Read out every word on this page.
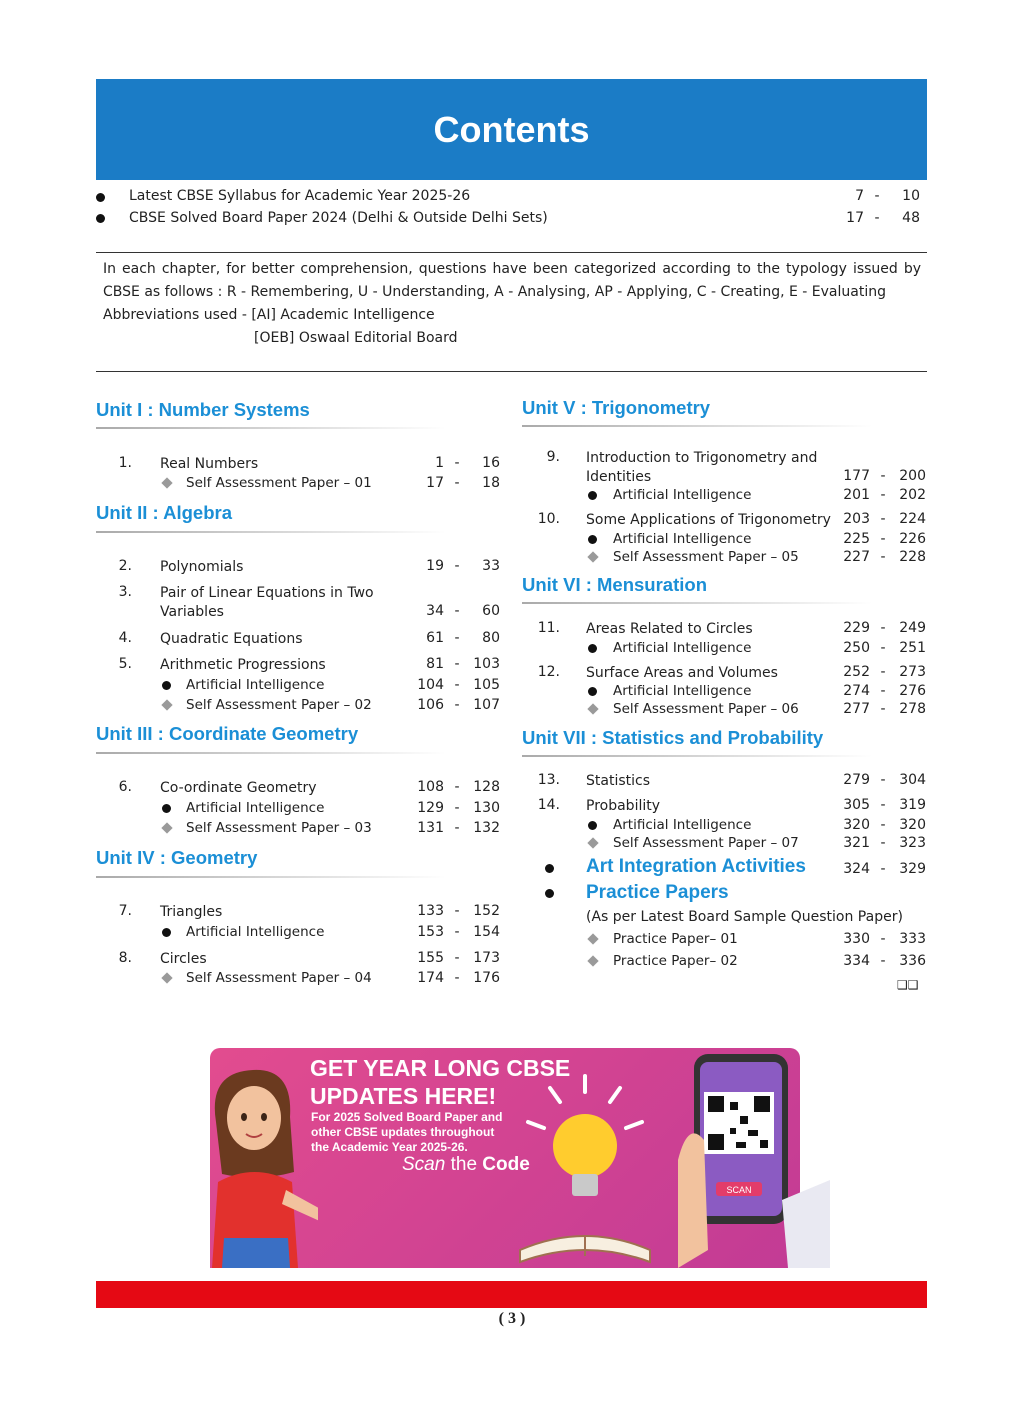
Contents
Latest CBSE Syllabus for Academic Year 2025-26	7 - 10
CBSE Solved Board Paper 2024 (Delhi & Outside Delhi Sets)	17 - 48

In each chapter, for better comprehension, questions have been categorized according to the typology issued by CBSE as follows : R - Remembering, U - Understanding, A - Analysing, AP - Applying, C - Creating, E - Evaluating

Abbreviations used - [AI] Academic Intelligence

[OEB] Oswaal Editorial Board

Unit I : Number Systems
1. Real Numbers	1 - 16
Self Assessment Paper – 01	17 - 18
Unit II : Algebra
2. Polynomials	19 - 33
3. Pair of Linear Equations in Two
Variables	34 - 60
4. Quadratic Equations	61 - 80
5. Arithmetic Progressions	81 - 103
Artificial Intelligence	104 - 105
Self Assessment Paper – 02	106 - 107
Unit III : Coordinate Geometry
6. Co-ordinate Geometry	108 - 128
Artificial Intelligence	129 - 130
Self Assessment Paper – 03	131 - 132
Unit IV : Geometry
7. Triangles	133 - 152
Artificial Intelligence	153 - 154
8. Circles	155 - 173
Self Assessment Paper – 04	174 - 176
Unit V : Trigonometry
9. Introduction to Trigonometry and
Identities	177 - 200
Artificial Intelligence	201 - 202
10. Some Applications of Trigonometry 203 - 224
Artificial Intelligence	225 - 226
Self Assessment Paper – 05	227 - 228
Unit VI : Mensuration
11. Areas Related to Circles	229 - 249
Artificial Intelligence	250 - 251
12. Surface Areas and Volumes	252 - 273
Artificial Intelligence	274 - 276
Self Assessment Paper – 06	277 - 278
Unit VII : Statistics and Probability
13. Statistics	279 - 304
14. Probability	305 - 319
Artificial Intelligence	320 - 320
Self Assessment Paper – 07	321 - 323
Art Integration Activities	324 - 329
Practice Papers
(As per Latest Board Sample Question Paper)
Practice Paper– 01	330 - 333
Practice Paper– 02	334 - 336
❑❑
GET YEAR LONG CBSE
UPDATES HERE!
For 2025 Solved Board Paper and
other CBSE updates throughout
the Academic Year 2025-26.
Scan the Code
SCAN
( 3 )
